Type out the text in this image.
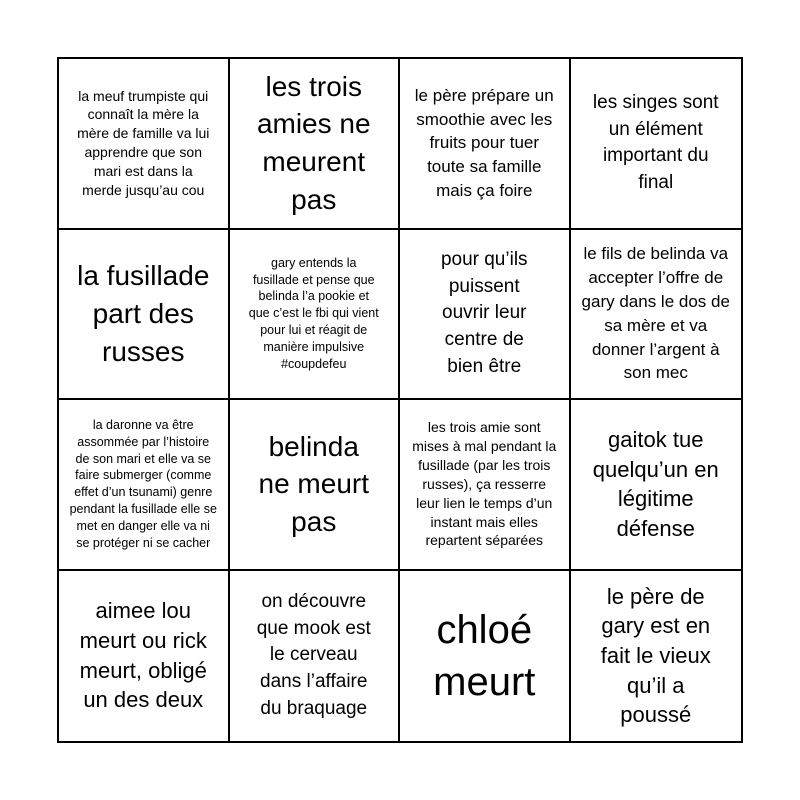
la meuf trumpiste qui connaît la mère la mère de famille va lui apprendre que son mari est dans la merde jusqu’au cou
les trois amies ne meurent pas
le père prépare un smoothie avec les fruits pour tuer toute sa famille mais ça foire
les singes sont un élément important du final
la fusillade part des russes
gary entends la fusillade et pense que belinda l’a pookie et que c’est le fbi qui vient pour lui et réagit de manière impulsive #coupdefeu
pour qu’ils puissent ouvrir leur centre de bien être
le fils de belinda va accepter l’offre de gary dans le dos de sa mère et va donner l’argent à son mec
la daronne va être assommée par l’histoire de son mari et elle va se faire submerger (comme effet d’un tsunami) genre pendant la fusillade elle se met en danger elle va ni se protéger ni se cacher
belinda ne meurt pas
les trois amie sont mises à mal pendant la fusillade (par les trois russes), ça resserre leur lien le temps d’un instant mais elles repartent séparées
gaitok tue quelqu’un en légitime défense
aimee lou meurt ou rick meurt, obligé un des deux
on découvre que mook est le cerveau dans l’affaire du braquage
chloé meurt
le père de gary est en fait le vieux qu’il a poussé
